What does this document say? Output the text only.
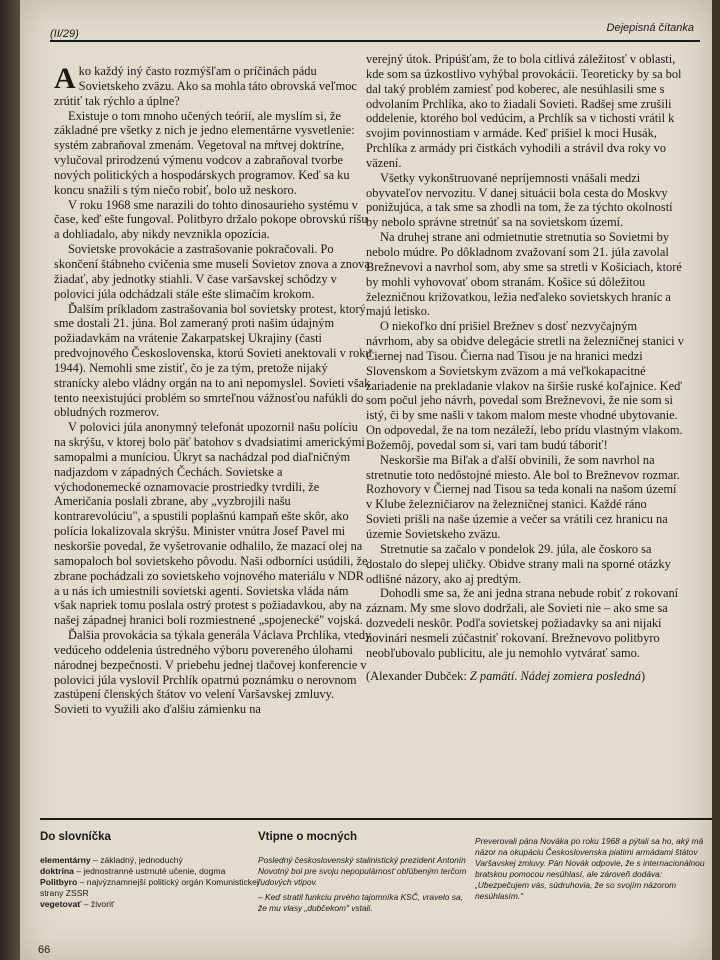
(II/29)	Dejepisná čítanka

Ako každý iný často rozmýšľam o príčinách pádu Sovietskeho zväzu. Ako sa mohla táto obrovská veľmoc zrútiť tak rýchlo a úplne?

Existuje o tom mnoho učených teórií, ale myslím si, že základné pre všetky z nich je jedno elementárne vysvetlenie: systém zabraňoval zmenám. Vegetoval na mŕtvej doktríne, vylučoval prirodzenú výmenu vodcov a zabraňoval tvorbe nových politických a hospodárskych programov. Keď sa ku koncu snažili s tým niečo robiť, bolo už neskoro.

V roku 1968 sme narazili do tohto dinosaurieho systému v čase, keď ešte fungoval. Politbyro držalo pokope obrovskú ríšu a dohliadalo, aby nikdy nevznikla opozícia.

Sovietske provokácie a zastrašovanie pokračovali. Po skončení štábneho cvičenia sme museli Sovietov znova a znova žiadať, aby jednotky stiahli. V čase varšavskej schôdzy v polovici júla odchádzali stále ešte slimačím krokom.

Ďalším príkladom zastrašovania bol sovietsky protest, ktorý sme dostali 21. júna. Bol zameraný proti našim údajným požiadavkám na vrátenie Zakarpatskej Ukrajiny (časti predvojnového Československa, ktorú Sovieti anektovali v roku 1944). Nemohli sme zistiť, čo je za tým, pretože nijaký stranícky alebo vládny orgán na to ani nepomyslel. Sovieti však tento neexistujúci problém so smrteľnou vážnosťou nafúkli do obludných rozmerov.

V polovici júla anonymný telefonát upozornil našu políciu na skrýšu, v ktorej bolo päť batohov s dvadsiatimi americkými samopalmi a muníciou. Úkryt sa nachádzal pod diaľničným nadjazdom v západných Čechách. Sovietske a východonemecké oznamovacie prostriedky tvrdili, že Američania poslali zbrane, aby „vyzbrojili našu kontrarevolúciu", a spustili poplašnú kampaň ešte skôr, ako polícia lokalizovala skrýšu. Minister vnútra Josef Pavel mi neskoršie povedal, že vyšetrovanie odhalilo, že mazací olej na samopaloch bol sovietskeho pôvodu. Naši odborníci usúdili, že zbrane pochádzali zo sovietskeho vojnového materiálu v NDR a u nás ich umiestnili sovietski agenti. Sovietska vláda nám však napriek tomu poslala ostrý protest s požiadavkou, aby na našej západnej hranici boli rozmiestnené „spojenecké" vojská.

Ďalšia provokácia sa týkala generála Václava Prchlíka, vtedy vedúceho oddelenia ústredného výboru povereného úlohami národnej bezpečnosti. V priebehu jednej tlačovej konferencie v polovici júla vyslovil Prchlík opatrnú poznámku o nerovnom zastúpení členských štátov vo velení Varšavskej zmluvy. Sovieti to využili ako ďalšiu zámienku na

verejný útok. Pripúšťam, že to bola citlivá záležitosť v oblasti, kde som sa úzkostlivo vyhýbal provokácii. Teoreticky by sa bol dal taký problém zamiesť pod koberec, ale nesúhlasili sme s odvolaním Prchlíka, ako to žiadali Sovieti. Radšej sme zrušili oddelenie, ktorého bol vedúcim, a Prchlík sa v tichosti vrátil k svojim povinnostiam v armáde. Keď prišiel k moci Husák, Prchlíka z armády pri čistkách vyhodili a strávil dva roky vo väzení.

Všetky vykonštruované nepríjemnosti vnášali medzi obyvateľov nervozitu. V danej situácii bola cesta do Moskvy ponižujúca, a tak sme sa zhodli na tom, že za týchto okolností by nebolo správne stretnúť sa na sovietskom území.

Na druhej strane ani odmietnutie stretnutia so Sovietmi by nebolo múdre. Po dôkladnom zvažovaní som 21. júla zavolal Brežnevovi a navrhol som, aby sme sa stretli v Košiciach, ktoré by mohli vyhovovať obom stranám. Košice sú dôležitou železničnou križovatkou, ležia neďaleko sovietskych hraníc a majú letisko.

O niekoľko dní prišiel Brežnev s dosť nezvyčajným návrhom, aby sa obidve delegácie stretli na železničnej stanici v Čiernej nad Tisou. Čierna nad Tisou je na hranici medzi Slovenskom a Sovietskym zväzom a má veľkokapacitné zariadenie na prekladanie vlakov na širšie ruské koľajnice. Keď som počul jeho návrh, povedal som Brežnevovi, že nie som si istý, či by sme našli v takom malom meste vhodné ubytovanie. On odpovedal, že na tom nezáleží, lebo prídu vlastným vlakom. Božemôj, povedal som si, vari tam budú táboriť!

Neskoršie ma Biľak a ďalší obvinili, že som navrhol na stretnutie toto nedôstojné miesto. Ale bol to Brežnevov rozmar. Rozhovory v Čiernej nad Tisou sa teda konali na našom území v Klube železničiarov na železničnej stanici. Každé ráno Sovieti prišli na naše územie a večer sa vrátili cez hranicu na územie Sovietskeho zväzu.

Stretnutie sa začalo v pondelok 29. júla, ale čoskoro sa dostalo do slepej uličky. Obidve strany mali na sporné otázky odlišné názory, ako aj predtým.

Dohodli sme sa, že ani jedna strana nebude robiť z rokovaní záznam. My sme slovo dodržali, ale Sovieti nie – ako sme sa dozvedeli neskôr. Podľa sovietskej požiadavky sa ani nijakí novinári nesmeli zúčastniť rokovaní. Brežnevovo politbyro neobľubovalo publicitu, ale ju nemohlo vytvárať samo.

(Alexander Dubček: Z pamätí. Nádej zomiera posledná)

Do slovníčka
elementárny – základný, jednoduchý
doktrína – jednostranné ustrnuté učenie, dogma
Politbyro – najvýznamnejší politický orgán Komunistickej strany ZSSR
vegetovať – živoriť
Vtipne o mocných

Posledný československý stalinistický prezident Antonín Novotný bol pre svoju nepopulárnosť obľúbeným terčom ľudových vtipov.

– Keď stratil funkciu prvého tajomníka KSČ, vravelo sa, že mu vlasy „dubčekom" vstali.

Preverovali pána Nováka po roku 1968 a pýtali sa ho, aký má názor na okupáciu Československa piatimi armádami štátov Varšavskej zmluvy. Pán Novák odpovie, že s internacionálnou bratskou pomocou nesúhlasí, ale zároveň dodáva: „Ubezpečujem vás, súdruhovia, že so svojím názorom nesúhlasím."

66
